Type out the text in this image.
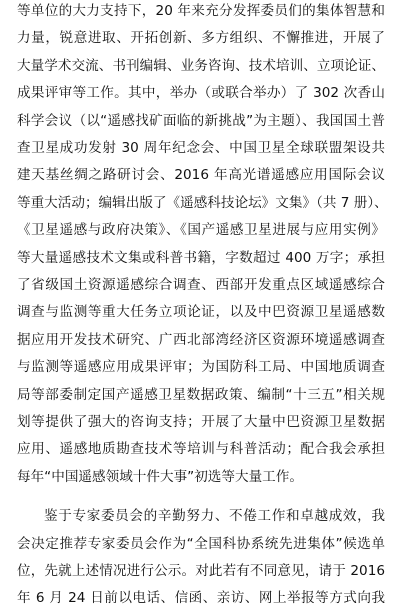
等单位的大力支持下，20 年来充分发挥委员们的集体智慧和
力量，锐意进取、开拓创新、多方组织、不懈推进，开展了
大量学术交流、书刊编辑、业务咨询、技术培训、立项论证、
成果评审等工作。其中，举办（或联合举办）了 302 次香山
科学会议（以“遥感找矿面临的新挑战”为主题）、我国国土普
查卫星成功发射 30 周年纪念会、中国卫星全球联盟架设共
建天基丝绸之路研讨会、2016 年高光谱遥感应用国际会议
等重大活动；编辑出版了《遥感科技论坛》文集》（共 7 册）、
《卫星遥感与政府决策》、《国产遥感卫星进展与应用实例》
等大量遥感技术文集或科普书籍，字数超过 400 万字；承担
了省级国土资源遥感综合调查、西部开发重点区域遥感综合
调查与监测等重大任务立项论证，以及中巴资源卫星遥感数
据应用开发技术研究、广西北部湾经济区资源环境遥感调查
与监测等遥感应用成果评审；为国防科工局、中国地质调查
局等部委制定国产遥感卫星数据政策、编制“十三五”相关规
划等提供了强大的咨询支持；开展了大量中巴资源卫星数据
应用、遥感地质勘查技术等培训与科普活动；配合我会承担
每年“中国遥感领域十件大事”初选等大量工作。
鉴于专家委员会的辛勤努力、不倦工作和卓越成效，我
会决定推荐专家委员会作为“全国科协系统先进集体”候选单
位，先就上述情况进行公示。对此若有不同意见，请于 2016
年 6 月 24 日前以电话、信函、亲访、网上举报等方式向我
